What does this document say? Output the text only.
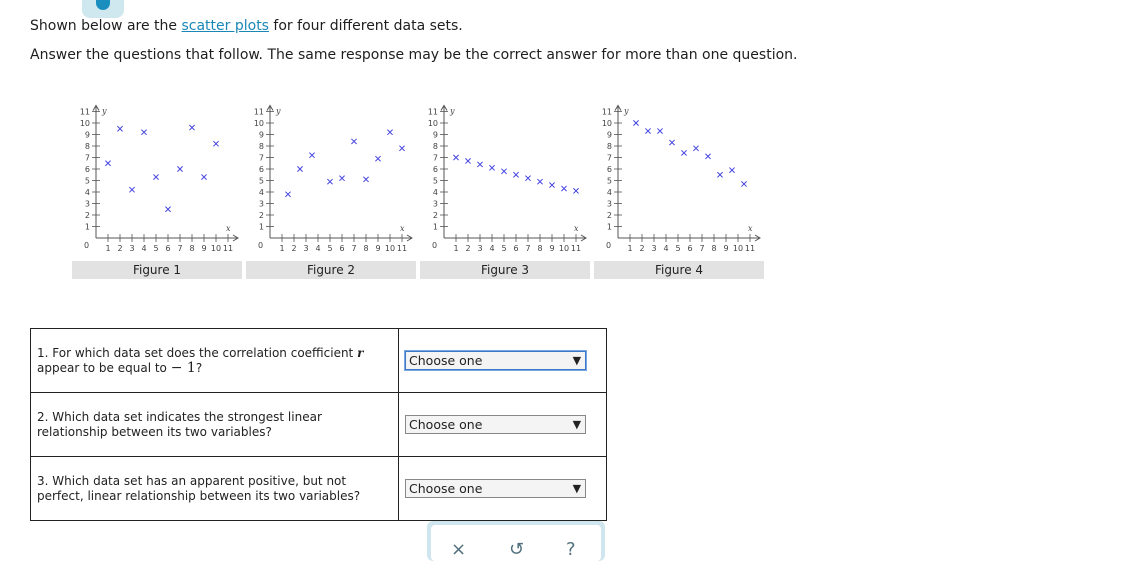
Shown below are the scatter plots for four different data sets.
Answer the questions that follow. The same response may be the correct answer for more than one question.
0 1 2 3 4 5 6 7 8 9 10 11
1
2
3
4
5
6
7
8
9
10
11
x
y
Figure 1
0 1 2 3 4 5 6 7 8 9 10 11
1
2
3
4
5
6
7
8
9
10
11
x
y
Figure 2
0 1 2 3 4 5 6 7 8 9 10 11
1
2
3
4
5
6
7
8
9
10
11
x
y
Figure 3
0 1 2 3 4 5 6 7 8 9 10 11
1
2
3
4
5
6
7
8
9
10
11
x
y
Figure 4
1. For which data set does the correlation coefficient r
appear to be equal to − 1?	Choose one ▼

2. Which data set indicates the strongest linear relationship between its two variables?	Choose one ▼

3. Which data set has an apparent positive, but not perfect, linear relationship between its two variables?	Choose one ▼
× ↺ ?
